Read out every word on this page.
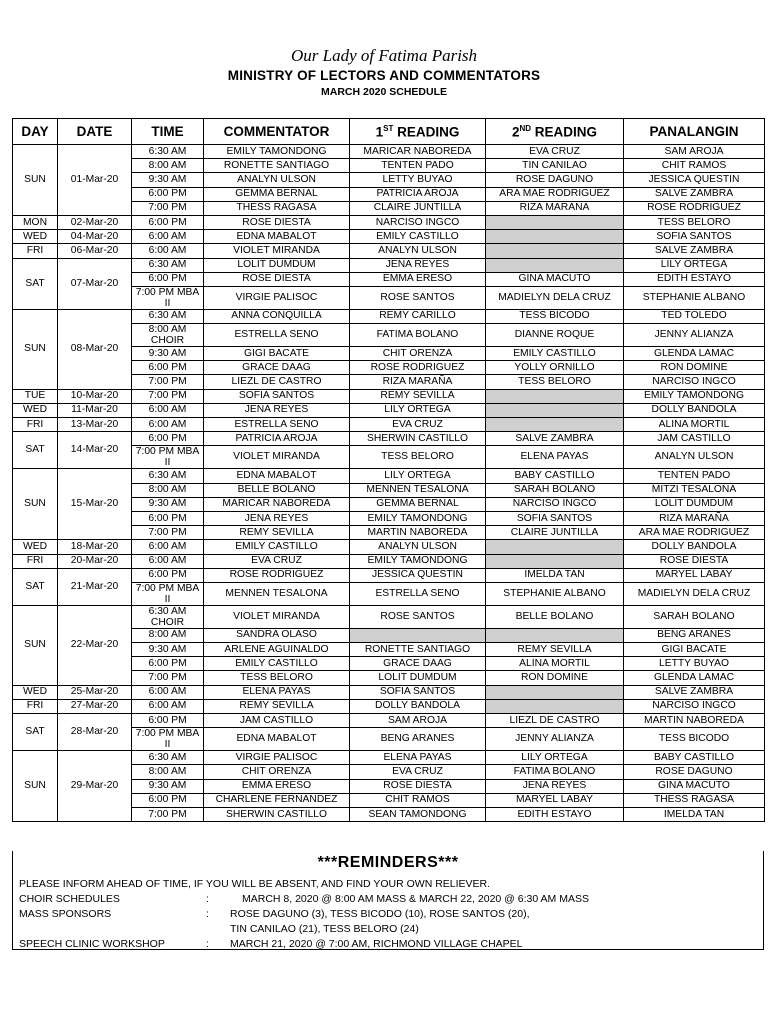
Our Lady of Fatima Parish
MINISTRY OF LECTORS AND COMMENTATORS
MARCH 2020 SCHEDULE
DAY	DATE	TIME	COMMENTATOR	1ST READING	2ND READING	PANALANGIN
SUN	01-Mar-20	6:30 AM	EMILY TAMONDONG	MARICAR NABOREDA	EVA CRUZ	SAM AROJA
		8:00 AM	RONETTE SANTIAGO	TENTEN PADO	TIN CANILAO	CHIT RAMOS
		9:30 AM	ANALYN ULSON	LETTY BUYAO	ROSE DAGUNO	JESSICA QUESTIN
		6:00 PM	GEMMA BERNAL	PATRICIA AROJA	ARA MAE RODRIGUEZ	SALVE ZAMBRA
		7:00 PM	THESS RAGASA	CLAIRE JUNTILLA	RIZA MARAÑA	ROSE RODRIGUEZ
MON	02-Mar-20	6:00 PM	ROSE DIESTA	NARCISO INGCO		TESS BELORO
WED	04-Mar-20	6:00 AM	EDNA MABALOT	EMILY CASTILLO		SOFIA SANTOS
FRI	06-Mar-20	6:00 AM	VIOLET MIRANDA	ANALYN ULSON		SALVE ZAMBRA
SAT	07-Mar-20	6:30 AM	LOLIT DUMDUM	JENA REYES		LILY ORTEGA
		6:00 PM	ROSE DIESTA	EMMA ERESO	GINA MACUTO	EDITH ESTAYO
		7:00 PM MBA II	VIRGIE PALISOC	ROSE SANTOS	MADIELYN DELA CRUZ	STEPHANIE ALBANO
SUN	08-Mar-20	6:30 AM	ANNA CONQUILLA	REMY CARILLO	TESS BICODO	TED TOLEDO
		8:00 AM CHOIR	ESTRELLA SENO	FATIMA BOLANO	DIANNE ROQUE	JENNY ALIANZA
		9:30 AM	GIGI BACATE	CHIT ORENZA	EMILY CASTILLO	GLENDA LAMAC
		6:00 PM	GRACE DAAG	ROSE RODRIGUEZ	YOLLY ORNILLO	RON DOMINE
		7:00 PM	LIEZL DE CASTRO	RIZA MARAÑA	TESS BELORO	NARCISO INGCO
TUE	10-Mar-20	7:00 PM	SOFIA SANTOS	REMY SEVILLA		EMILY TAMONDONG
WED	11-Mar-20	6:00 AM	JENA REYES	LILY ORTEGA		DOLLY BANDOLA
FRI	13-Mar-20	6:00 AM	ESTRELLA SENO	EVA CRUZ		ALINA MORTIL
SAT	14-Mar-20	6:00 PM	PATRICIA AROJA	SHERWIN CASTILLO	SALVE ZAMBRA	JAM CASTILLO
		7:00 PM MBA II	VIOLET MIRANDA	TESS BELORO	ELENA PAYAS	ANALYN ULSON
SUN	15-Mar-20	6:30 AM	EDNA MABALOT	LILY ORTEGA	BABY CASTILLO	TENTEN PADO
		8:00 AM	BELLE BOLANO	MENNEN TESALONA	SARAH BOLANO	MITZI TESALONA
		9:30 AM	MARICAR NABOREDA	GEMMA BERNAL	NARCISO INGCO	LOLIT DUMDUM
		6:00 PM	JENA REYES	EMILY TAMONDONG	SOFIA SANTOS	RIZA MARAÑA
		7:00 PM	REMY SEVILLA	MARTIN NABOREDA	CLAIRE JUNTILLA	ARA MAE RODRIGUEZ
WED	18-Mar-20	6:00 AM	EMILY CASTILLO	ANALYN ULSON		DOLLY BANDOLA
FRI	20-Mar-20	6:00 AM	EVA CRUZ	EMILY TAMONDONG		ROSE DIESTA
SAT	21-Mar-20	6:00 PM	ROSE RODRIGUEZ	JESSICA QUESTIN	IMELDA TAN	MARYEL LABAY
		7:00 PM MBA II	MENNEN TESALONA	ESTRELLA SENO	STEPHANIE ALBANO	MADIELYN DELA CRUZ
SUN	22-Mar-20	6:30 AM CHOIR	VIOLET MIRANDA	ROSE SANTOS	BELLE BOLANO	SARAH BOLANO
		8:00 AM	SANDRA OLASO			BENG ARANES
		9:30 AM	ARLENE AGUINALDO	RONETTE SANTIAGO	REMY SEVILLA	GIGI BACATE
		6:00 PM	EMILY CASTILLO	GRACE DAAG	ALINA MORTIL	LETTY BUYAO
		7:00 PM	TESS BELORO	LOLIT DUMDUM	RON DOMINE	GLENDA LAMAC
WED	25-Mar-20	6:00 AM	ELENA PAYAS	SOFIA SANTOS		SALVE ZAMBRA
FRI	27-Mar-20	6:00 AM	REMY SEVILLA	DOLLY BANDOLA		NARCISO INGCO
SAT	28-Mar-20	6:00 PM	JAM CASTILLO	SAM AROJA	LIEZL DE CASTRO	MARTIN NABOREDA
		7:00 PM MBA II	EDNA MABALOT	BENG ARANES	JENNY ALIANZA	TESS BICODO
SUN	29-Mar-20	6:30 AM	VIRGIE PALISOC	ELENA PAYAS	LILY ORTEGA	BABY CASTILLO
		8:00 AM	CHIT ORENZA	EVA CRUZ	FATIMA BOLANO	ROSE DAGUNO
		9:30 AM	EMMA ERESO	ROSE DIESTA	JENA REYES	GINA MACUTO
		6:00 PM	CHARLENE FERNANDEZ	CHIT RAMOS	MARYEL LABAY	THESS RAGASA
		7:00 PM	SHERWIN CASTILLO	SEAN TAMONDONG	EDITH ESTAYO	IMELDA TAN
***REMINDERS***
PLEASE INFORM AHEAD OF TIME, IF YOU WILL BE ABSENT, AND FIND YOUR OWN RELIEVER.
CHOIR SCHEDULES	:	MARCH 8, 2020 @ 8:00 AM MASS & MARCH 22, 2020 @ 6:30 AM MASS
MASS SPONSORS	: ROSE DAGUNO (3), TESS BICODO (10), ROSE SANTOS (20),
TIN CANILAO (21), TESS BELORO (24)
SPEECH CLINIC WORKSHOP	: MARCH 21, 2020 @ 7:00 AM, RICHMOND VILLAGE CHAPEL
